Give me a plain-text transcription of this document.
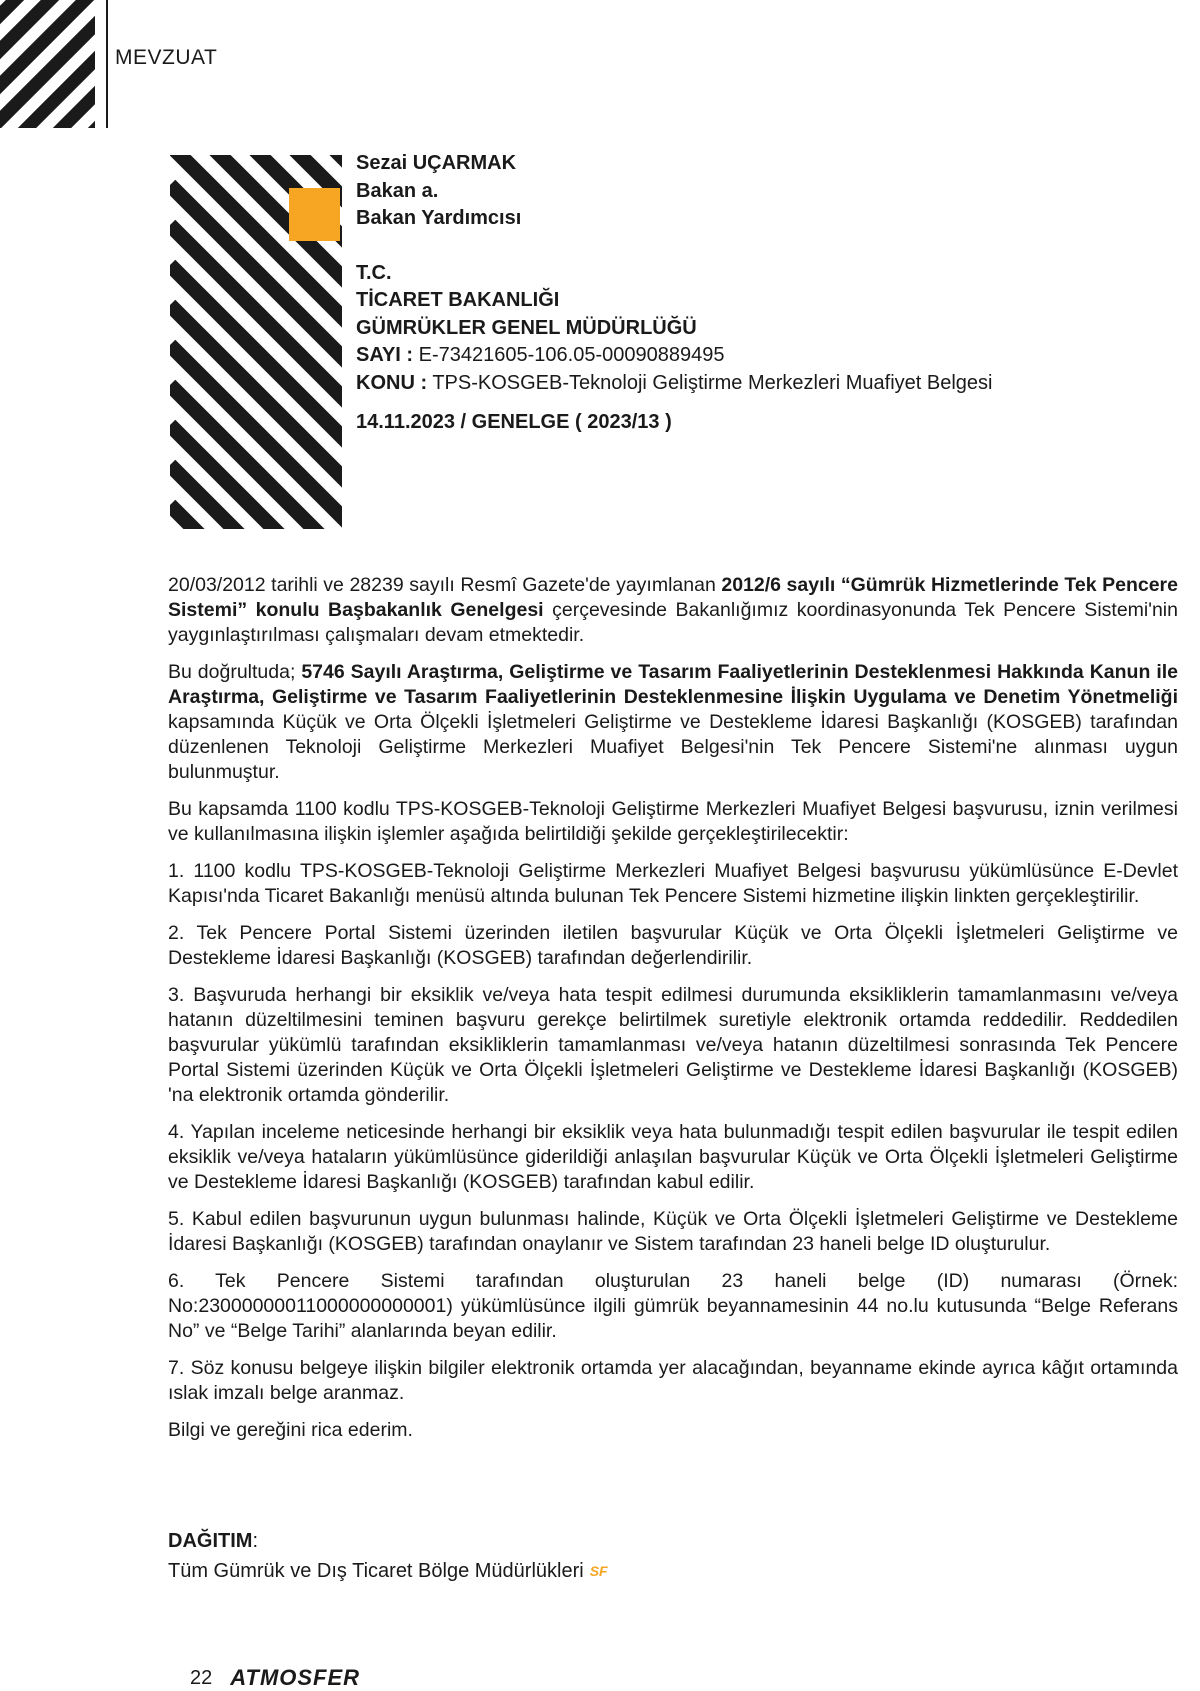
MEVZUAT
Sezai UÇARMAK
Bakan a.
Bakan Yardımcısı
T.C.
TİCARET BAKANLIĞI
GÜMRÜKLER GENEL MÜDÜRLÜĞÜ
SAYI : E-73421605-106.05-00090889495
KONU : TPS-KOSGEB-Teknoloji Geliştirme Merkezleri Muafiyet Belgesi
14.11.2023 / GENELGE ( 2023/13 )

20/03/2012 tarihli ve 28239 sayılı Resmî Gazete'de yayımlanan 2012/6 sayılı “Gümrük Hizmetlerinde Tek Pencere Sistemi” konulu Başbakanlık Genelgesi çerçevesinde Bakanlığımız koordinasyonunda Tek Pencere Sistemi'nin yaygınlaştırılması çalışmaları devam etmektedir.

Bu doğrultuda; 5746 Sayılı Araştırma, Geliştirme ve Tasarım Faaliyetlerinin Desteklenmesi Hakkında Kanun ile Araştırma, Geliştirme ve Tasarım Faaliyetlerinin Desteklenmesine İlişkin Uygulama ve Denetim Yönetmeliği kapsamında Küçük ve Orta Ölçekli İşletmeleri Geliştirme ve Destekleme İdaresi Başkanlığı (KOSGEB) tarafından düzenlenen Teknoloji Geliştirme Merkezleri Muafiyet Belgesi'nin Tek Pencere Sistemi'ne alınması uygun bulunmuştur.

Bu kapsamda 1100 kodlu TPS-KOSGEB-Teknoloji Geliştirme Merkezleri Muafiyet Belgesi başvurusu, iznin verilmesi ve kullanılmasına ilişkin işlemler aşağıda belirtildiği şekilde gerçekleştirilecektir:

1. 1100 kodlu TPS-KOSGEB-Teknoloji Geliştirme Merkezleri Muafiyet Belgesi başvurusu yükümlüsünce E-Devlet Kapısı'nda Ticaret Bakanlığı menüsü altında bulunan Tek Pencere Sistemi hizmetine ilişkin linkten gerçekleştirilir.

2. Tek Pencere Portal Sistemi üzerinden iletilen başvurular Küçük ve Orta Ölçekli İşletmeleri Geliştirme ve Destekleme İdaresi Başkanlığı (KOSGEB) tarafından değerlendirilir.

3. Başvuruda herhangi bir eksiklik ve/veya hata tespit edilmesi durumunda eksikliklerin tamamlanmasını ve/veya hatanın düzeltilmesini teminen başvuru gerekçe belirtilmek suretiyle elektronik ortamda reddedilir. Reddedilen başvurular yükümlü tarafından eksikliklerin tamamlanması ve/veya hatanın düzeltilmesi sonrasında Tek Pencere Portal Sistemi üzerinden Küçük ve Orta Ölçekli İşletmeleri Geliştirme ve Destekleme İdaresi Başkanlığı (KOSGEB) 'na elektronik ortamda gönderilir.

4. Yapılan inceleme neticesinde herhangi bir eksiklik veya hata bulunmadığı tespit edilen başvurular ile tespit edilen eksiklik ve/veya hataların yükümlüsünce giderildiği anlaşılan başvurular Küçük ve Orta Ölçekli İşletmeleri Geliştirme ve Destekleme İdaresi Başkanlığı (KOSGEB) tarafından kabul edilir.

5. Kabul edilen başvurunun uygun bulunması halinde, Küçük ve Orta Ölçekli İşletmeleri Geliştirme ve Destekleme İdaresi Başkanlığı (KOSGEB) tarafından onaylanır ve Sistem tarafından 23 haneli belge ID oluşturulur.

6. Tek Pencere Sistemi tarafından oluşturulan 23 haneli belge (ID) numarası (Örnek: No:23000000011000000000001) yükümlüsünce ilgili gümrük beyannamesinin 44 no.lu kutusunda “Belge Referans No” ve “Belge Tarihi” alanlarında beyan edilir.

7. Söz konusu belgeye ilişkin bilgiler elektronik ortamda yer alacağından, beyanname ekinde ayrıca kâğıt ortamında ıslak imzalı belge aranmaz.

Bilgi ve gereğini rica ederim.

DAĞITIM:
Tüm Gümrük ve Dış Ticaret Bölge Müdürlükleri SF
22 ATMOSFER
